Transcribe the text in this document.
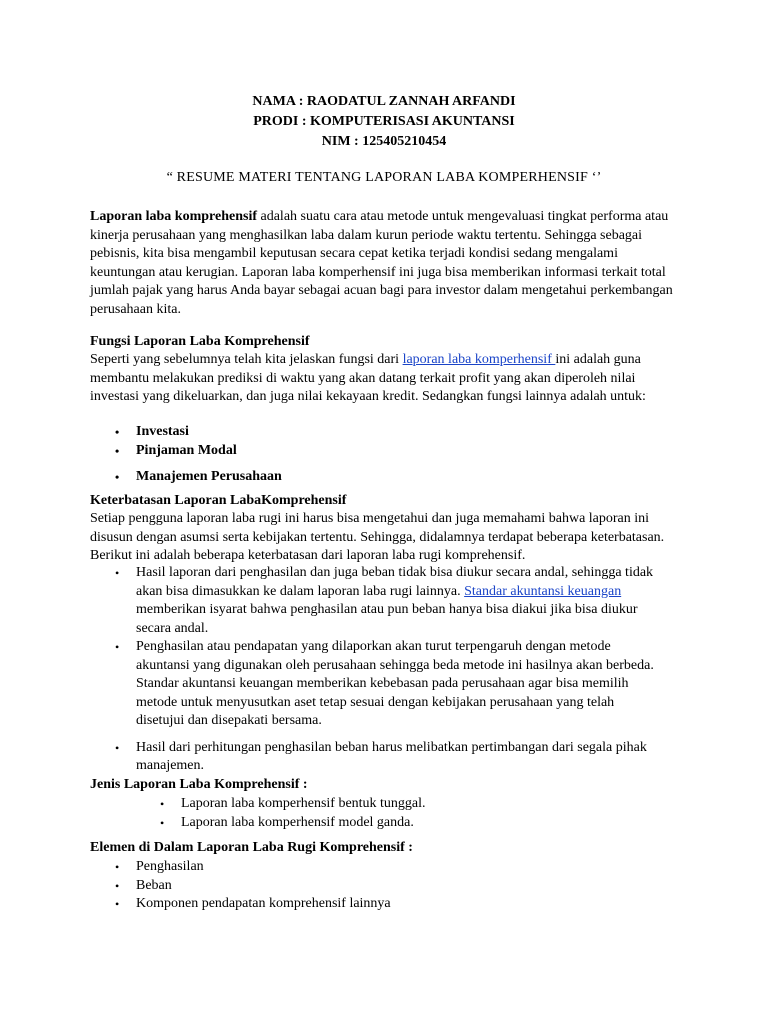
NAMA : RAODATUL ZANNAH ARFANDI

PRODI : KOMPUTERISASI AKUNTANSI

NIM : 125405210454

“ RESUME MATERI TENTANG LAPORAN LABA KOMPERHENSIF ‘’

Laporan laba komprehensif adalah suatu cara atau metode untuk mengevaluasi tingkat performa atau kinerja perusahaan yang menghasilkan laba dalam kurun periode waktu tertentu. Sehingga sebagai pebisnis, kita bisa mengambil keputusan secara cepat ketika terjadi kondisi sedang mengalami keuntungan atau kerugian. Laporan laba komperhensif ini juga bisa memberikan informasi terkait total jumlah pajak yang harus Anda bayar sebagai acuan bagi para investor dalam mengetahui perkembangan perusahaan kita.

Fungsi Laporan Laba Komprehensif

Seperti yang sebelumnya telah kita jelaskan fungsi dari laporan laba komperhensif ini adalah guna membantu melakukan prediksi di waktu yang akan datang terkait profit yang akan diperoleh nilai investasi yang dikeluarkan, dan juga nilai kekayaan kredit. Sedangkan fungsi lainnya adalah untuk:

• Investasi
• Pinjaman Modal
• Manajemen Perusahaan

Keterbatasan Laporan LabaKomprehensif

Setiap pengguna laporan laba rugi ini harus bisa mengetahui dan juga memahami bahwa laporan ini disusun dengan asumsi serta kebijakan tertentu. Sehingga, didalamnya terdapat beberapa keterbatasan. Berikut ini adalah beberapa keterbatasan dari laporan laba rugi komprehensif.

• Hasil laporan dari penghasilan dan juga beban tidak bisa diukur secara andal, sehingga tidak akan bisa dimasukkan ke dalam laporan laba rugi lainnya. Standar akuntansi keuangan memberikan isyarat bahwa penghasilan atau pun beban hanya bisa diakui jika bisa diukur secara andal.
• Penghasilan atau pendapatan yang dilaporkan akan turut terpengaruh dengan metode akuntansi yang digunakan oleh perusahaan sehingga beda metode ini hasilnya akan berbeda. Standar akuntansi keuangan memberikan kebebasan pada perusahaan agar bisa memilih metode untuk menyusutkan aset tetap sesuai dengan kebijakan perusahaan yang telah disetujui dan disepakati bersama.
• Hasil dari perhitungan penghasilan beban harus melibatkan pertimbangan dari segala pihak manajemen.

Jenis Laporan Laba Komprehensif :

• Laporan laba komperhensif bentuk tunggal.
• Laporan laba komperhensif model ganda.

Elemen di Dalam Laporan Laba Rugi Komprehensif :

• Penghasilan
• Beban
• Komponen pendapatan komprehensif lainnya
